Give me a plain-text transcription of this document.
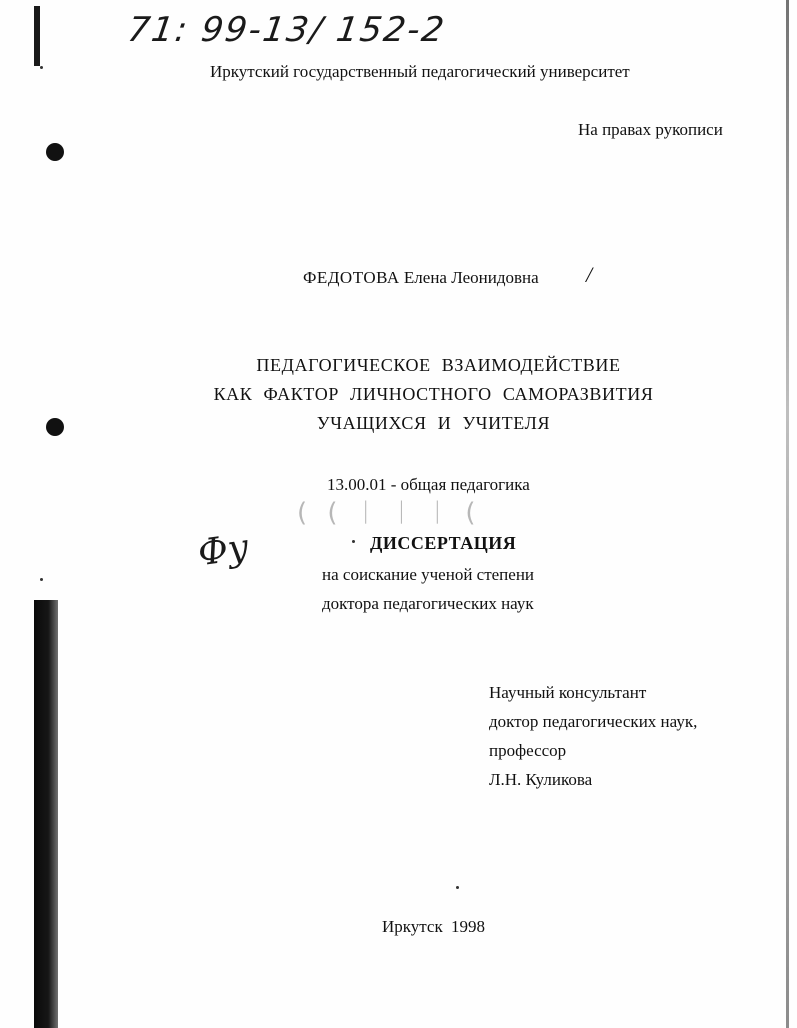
71: 99-13/ 152-2
Иркутский государственный педагогический университет
На правах рукописи
ФЕДОТОВА Елена Леонидовна /
ПЕДАГОГИЧЕСКОЕ ВЗАИМОДЕЙСТВИЕ
КАК ФАКТОР ЛИЧНОСТНОГО САМОРАЗВИТИЯ
УЧАЩИХСЯ И УЧИТЕЛЯ
13.00.01 - общая педагогика
( ( ᛁ ᛁ ᛁ (
Фу	ДИССЕРТАЦИЯ
на соискание ученой степени
доктора педагогических наук
Научный консультант
доктор педагогических наук,
профессор
Л.Н. Куликова
Иркутск 1998
